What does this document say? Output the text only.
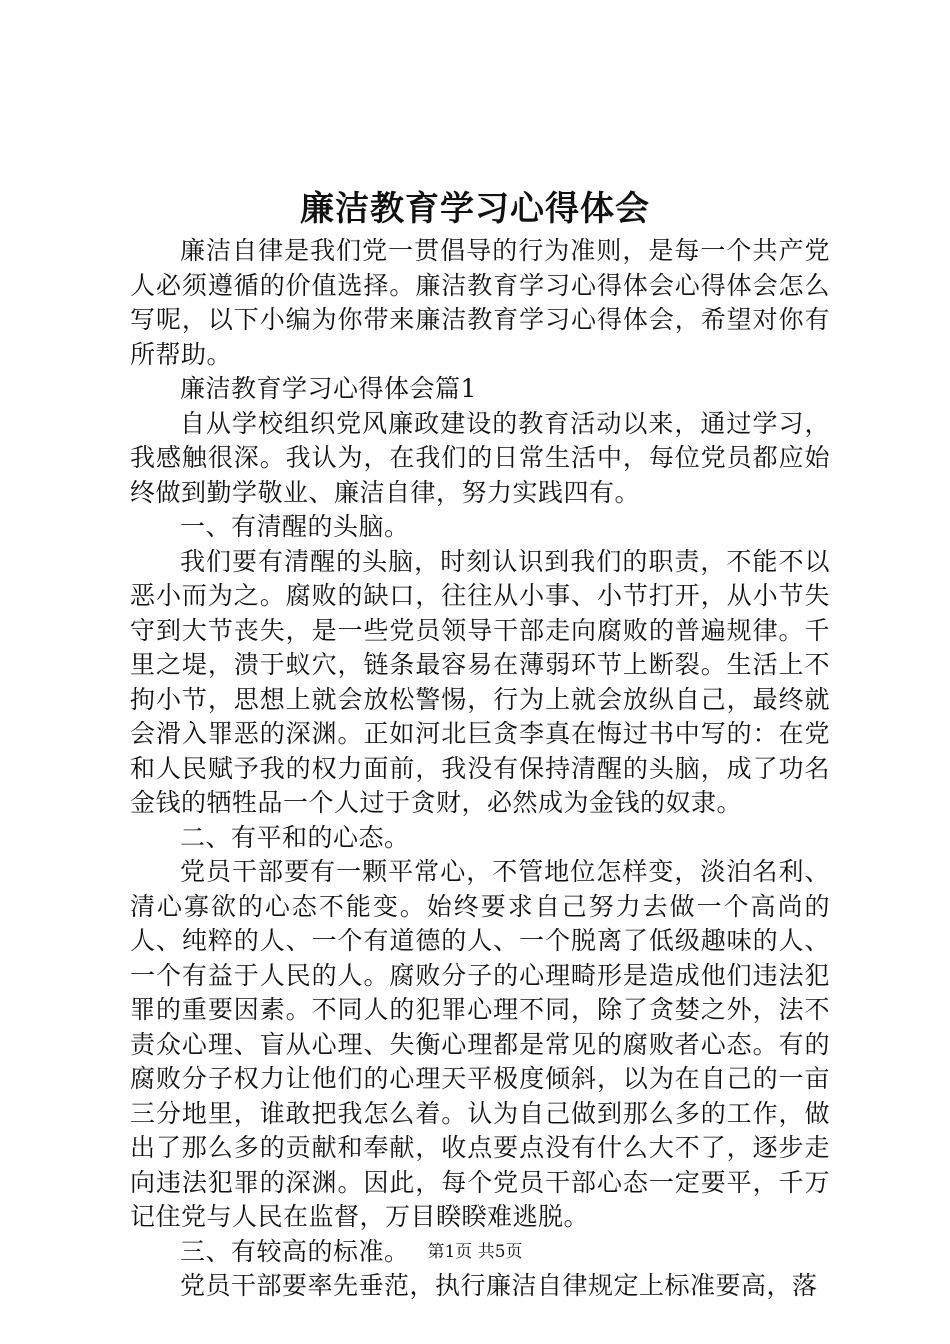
廉洁教育学习心得体会

廉洁自律是我们党一贯倡导的行为准则，是每一个共产党人必须遵循的价值选择。廉洁教育学习心得体会心得体会怎么写呢，以下小编为你带来廉洁教育学习心得体会，希望对你有所帮助。

廉洁教育学习心得体会篇1

自从学校组织党风廉政建设的教育活动以来，通过学习，我感触很深。我认为，在我们的日常生活中，每位党员都应始终做到勤学敬业、廉洁自律，努力实践四有。

一、有清醒的头脑。

我们要有清醒的头脑，时刻认识到我们的职责，不能不以恶小而为之。腐败的缺口，往往从小事、小节打开，从小节失守到大节丧失，是一些党员领导干部走向腐败的普遍规律。千里之堤，溃于蚁穴，链条最容易在薄弱环节上断裂。生活上不拘小节，思想上就会放松警惕，行为上就会放纵自己，最终就会滑入罪恶的深渊。正如河北巨贪李真在悔过书中写的：在党和人民赋予我的权力面前，我没有保持清醒的头脑，成了功名金钱的牺牲品一个人过于贪财，必然成为金钱的奴隶。

二、有平和的心态。

党员干部要有一颗平常心，不管地位怎样变，淡泊名利、清心寡欲的心态不能变。始终要求自己努力去做一个高尚的人、纯粹的人、一个有道德的人、一个脱离了低级趣味的人、一个有益于人民的人。腐败分子的心理畸形是造成他们违法犯罪的重要因素。不同人的犯罪心理不同，除了贪婪之外，法不责众心理、盲从心理、失衡心理都是常见的腐败者心态。有的腐败分子权力让他们的心理天平极度倾斜，以为在自己的一亩三分地里，谁敢把我怎么着。认为自己做到那么多的工作，做出了那么多的贡献和奉献，收点要点没有什么大不了，逐步走向违法犯罪的深渊。因此，每个党员干部心态一定要平，千万记住党与人民在监督，万目睽睽难逃脱。

三、有较高的标准。

党员干部要率先垂范，执行廉洁自律规定上标准要高，落

第1页 共5页
